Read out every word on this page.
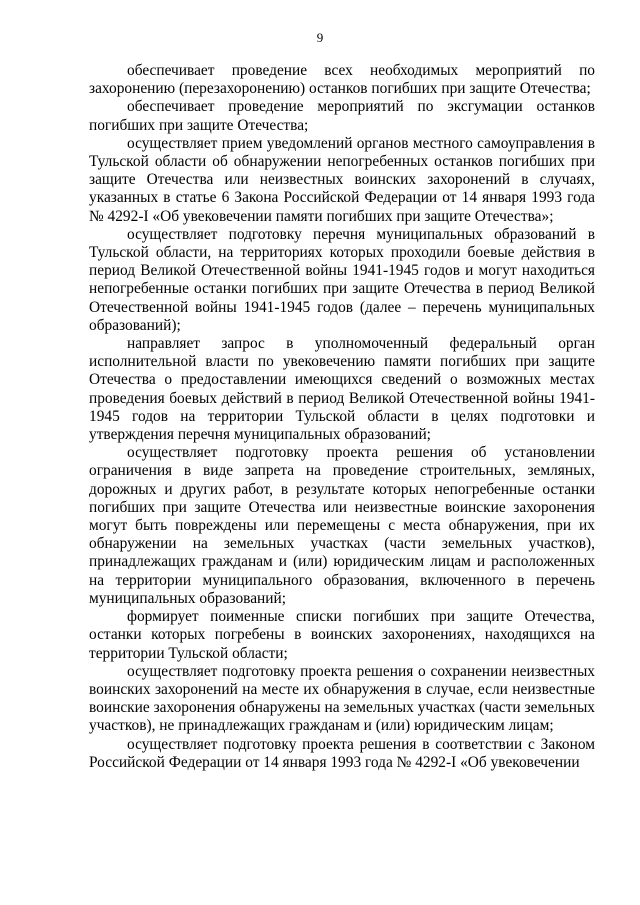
9

обеспечивает проведение всех необходимых мероприятий по захоронению (перезахоронению) останков погибших при защите Отечества;

обеспечивает проведение мероприятий по эксгумации останков погибших при защите Отечества;

осуществляет прием уведомлений органов местного самоуправления в Тульской области об обнаружении непогребенных останков погибших при защите Отечества или неизвестных воинских захоронений в случаях, указанных в статье 6 Закона Российской Федерации от 14 января 1993 года № 4292-I «Об увековечении памяти погибших при защите Отечества»;

осуществляет подготовку перечня муниципальных образований в Тульской области, на территориях которых проходили боевые действия в период Великой Отечественной войны 1941-1945 годов и могут находиться непогребенные останки погибших при защите Отечества в период Великой Отечественной войны 1941-1945 годов (далее – перечень муниципальных образований);

направляет запрос в уполномоченный федеральный орган исполнительной власти по увековечению памяти погибших при защите Отечества о предоставлении имеющихся сведений о возможных местах проведения боевых действий в период Великой Отечественной войны 1941-1945 годов на территории Тульской области в целях подготовки и утверждения перечня муниципальных образований;

осуществляет подготовку проекта решения об установлении ограничения в виде запрета на проведение строительных, земляных, дорожных и других работ, в результате которых непогребенные останки погибших при защите Отечества или неизвестные воинские захоронения могут быть повреждены или перемещены с места обнаружения, при их обнаружении на земельных участках (части земельных участков), принадлежащих гражданам и (или) юридическим лицам и расположенных на территории муниципального образования, включенного в перечень муниципальных образований;

формирует поименные списки погибших при защите Отечества, останки которых погребены в воинских захоронениях, находящихся на территории Тульской области;

осуществляет подготовку проекта решения о сохранении неизвестных воинских захоронений на месте их обнаружения в случае, если неизвестные воинские захоронения обнаружены на земельных участках (части земельных участков), не принадлежащих гражданам и (или) юридическим лицам;

осуществляет подготовку проекта решения в соответствии с Законом Российской Федерации от 14 января 1993 года № 4292-I «Об увековечении
